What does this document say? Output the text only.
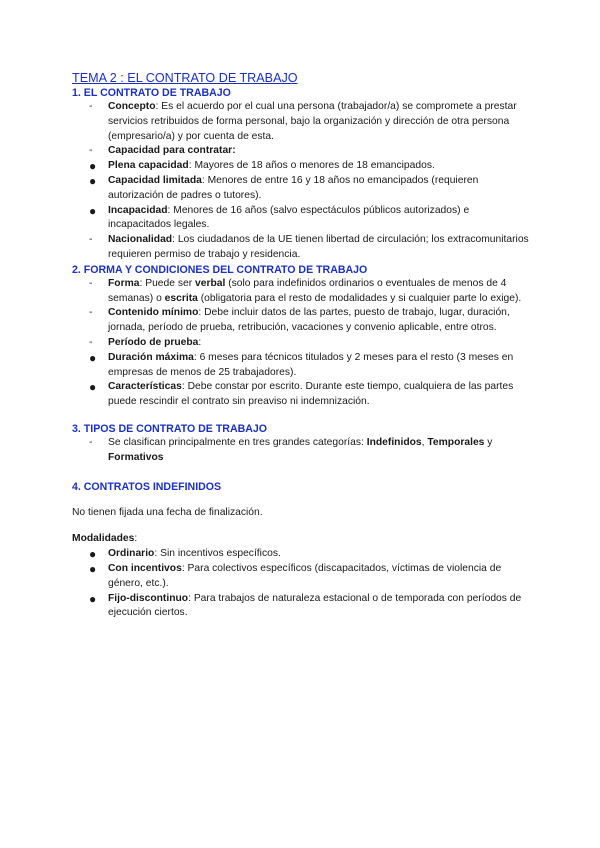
TEMA 2 : EL CONTRATO DE TRABAJO

1. EL CONTRATO DE TRABAJO

-	Concepto: Es el acuerdo por el cual una persona (trabajador/a) se compromete a prestar servicios retribuidos de forma personal, bajo la organización y dirección de otra persona (empresario/a) y por cuenta de esta.
-	Capacidad para contratar:
●	Plena capacidad: Mayores de 18 años o menores de 18 emancipados.
●	Capacidad limitada: Menores de entre 16 y 18 años no emancipados (requieren autorización de padres o tutores).
●	Incapacidad: Menores de 16 años (salvo espectáculos públicos autorizados) e incapacitados legales.
-	Nacionalidad: Los ciudadanos de la UE tienen libertad de circulación; los extracomunitarios requieren permiso de trabajo y residencia.

2. FORMA Y CONDICIONES DEL CONTRATO DE TRABAJO

-	Forma: Puede ser verbal (solo para indefinidos ordinarios o eventuales de menos de 4 semanas) o escrita (obligatoria para el resto de modalidades y si cualquier parte lo exige).
-	Contenido mínimo: Debe incluir datos de las partes, puesto de trabajo, lugar, duración, jornada, período de prueba, retribución, vacaciones y convenio aplicable, entre otros.
-	Período de prueba:
●	Duración máxima: 6 meses para técnicos titulados y 2 meses para el resto (3 meses en empresas de menos de 25 trabajadores).
●	Características: Debe constar por escrito. Durante este tiempo, cualquiera de las partes puede rescindir el contrato sin preaviso ni indemnización.

3. TIPOS DE CONTRATO DE TRABAJO

-	Se clasifican principalmente en tres grandes categorías: Indefinidos, Temporales y Formativos

4. CONTRATOS INDEFINIDOS

No tienen fijada una fecha de finalización.

Modalidades:

●	Ordinario: Sin incentivos específicos.
●	Con incentivos: Para colectivos específicos (discapacitados, víctimas de violencia de género, etc.).
●	Fijo-discontinuo: Para trabajos de naturaleza estacional o de temporada con períodos de ejecución ciertos.
